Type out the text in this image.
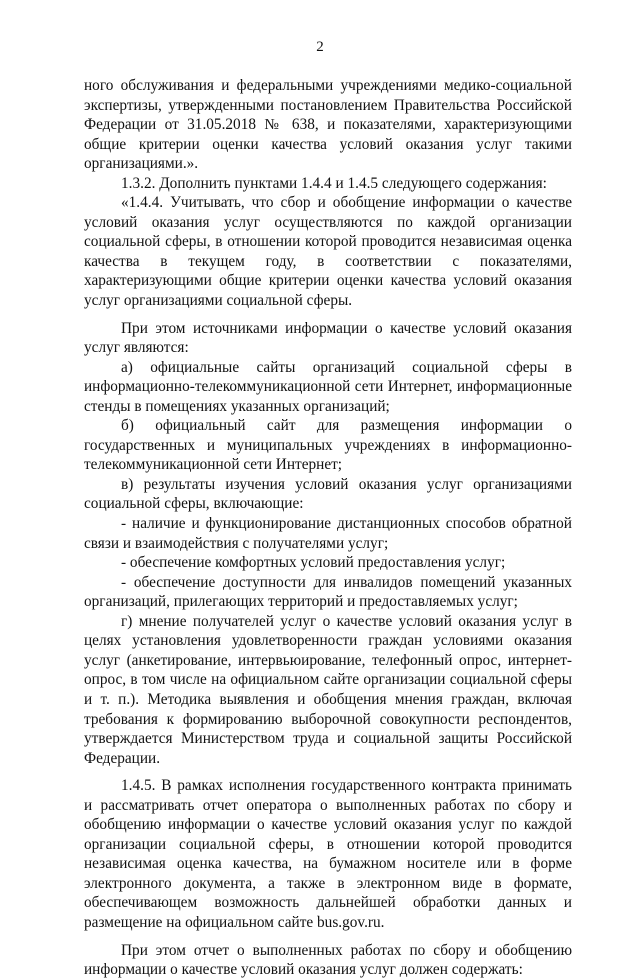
2

ного обслуживания и федеральными учреждениями медико-социальной экспертизы, утвержденными постановлением Правительства Российской Федерации от 31.05.2018 № 638, и показателями, характеризующими общие критерии оценки качества условий оказания услуг такими организациями.».

1.3.2. Дополнить пунктами 1.4.4 и 1.4.5 следующего содержания:

«1.4.4. Учитывать, что сбор и обобщение информации о качестве условий оказания услуг осуществляются по каждой организации социальной сферы, в отношении которой проводится независимая оценка качества в текущем году, в соответствии с показателями, характеризующими общие критерии оценки качества условий оказания услуг организациями социальной сферы.

При этом источниками информации о качестве условий оказания услуг являются:

а) официальные сайты организаций социальной сферы в информационно-телекоммуникационной сети Интернет, информационные стенды в помещениях указанных организаций;

б) официальный сайт для размещения информации о государственных и муниципальных учреждениях в информационно-телекоммуникационной сети Интернет;

в) результаты изучения условий оказания услуг организациями социальной сферы, включающие:

- наличие и функционирование дистанционных способов обратной связи и взаимодействия с получателями услуг;

- обеспечение комфортных условий предоставления услуг;

- обеспечение доступности для инвалидов помещений указанных организаций, прилегающих территорий и предоставляемых услуг;

г) мнение получателей услуг о качестве условий оказания услуг в целях установления удовлетворенности граждан условиями оказания услуг (анкетирование, интервьюирование, телефонный опрос, интернет-опрос, в том числе на официальном сайте организации социальной сферы и т. п.). Методика выявления и обобщения мнения граждан, включая требования к формированию выборочной совокупности респондентов, утверждается Министерством труда и социальной защиты Российской Федерации.

1.4.5. В рамках исполнения государственного контракта принимать и рассматривать отчет оператора о выполненных работах по сбору и обобщению информации о качестве условий оказания услуг по каждой организации социальной сферы, в отношении которой проводится независимая оценка качества, на бумажном носителе или в форме электронного документа, а также в электронном виде в формате, обеспечивающем возможность дальнейшей обработки данных и размещение на официальном сайте bus.gov.ru.

При этом отчет о выполненных работах по сбору и обобщению информации о качестве условий оказания услуг должен содержать:
